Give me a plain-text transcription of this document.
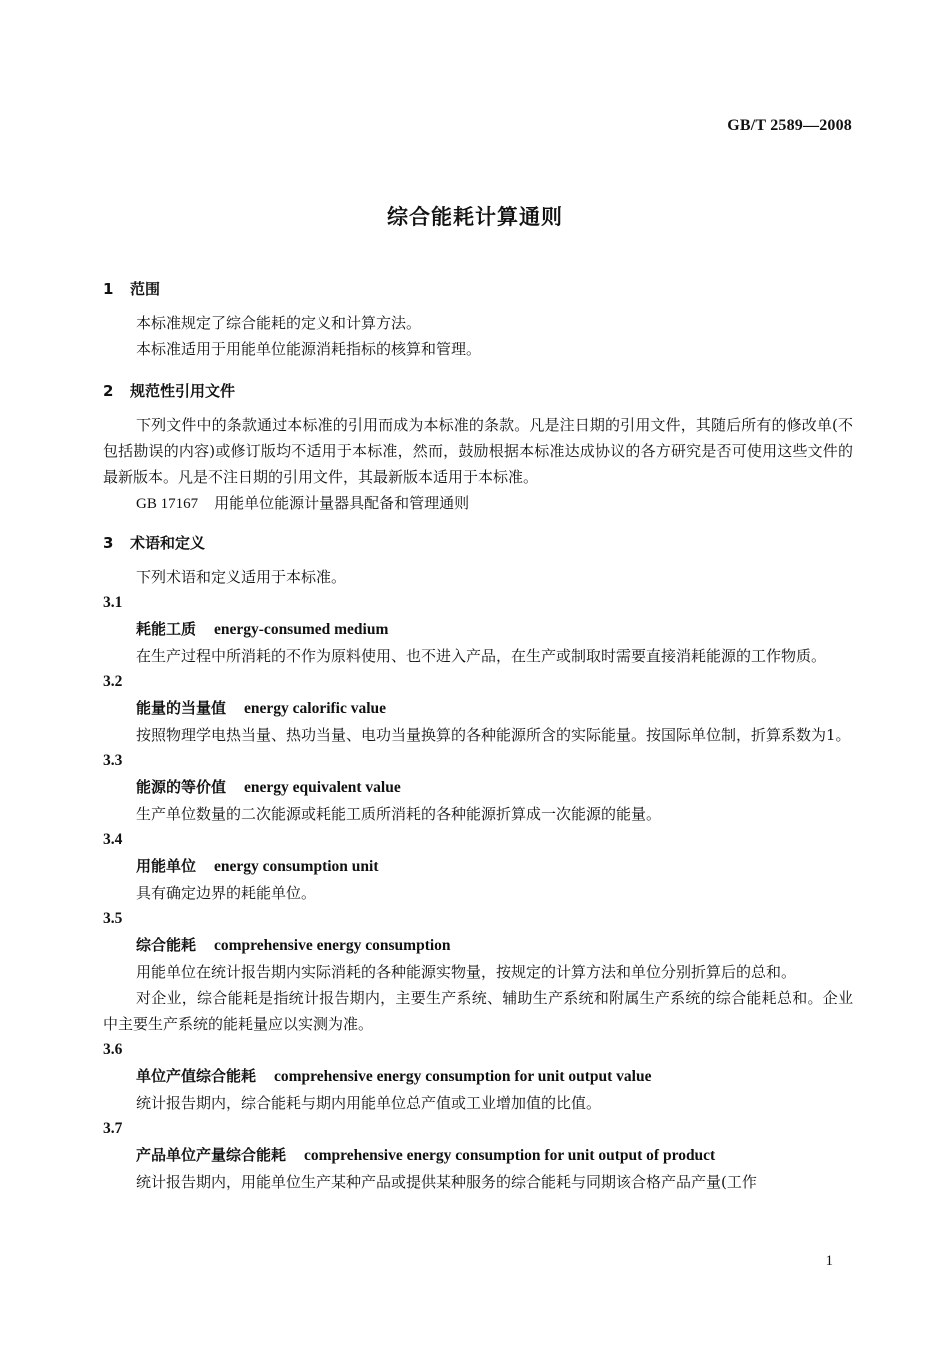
GB/T 2589—2008
综合能耗计算通则

1 范围

本标准规定了综合能耗的定义和计算方法。

本标准适用于用能单位能源消耗指标的核算和管理。

2 规范性引用文件

下列文件中的条款通过本标准的引用而成为本标准的条款。凡是注日期的引用文件，其随后所有的修改单(不包括勘误的内容)或修订版均不适用于本标准，然而，鼓励根据本标准达成协议的各方研究是否可使用这些文件的最新版本。凡是不注日期的引用文件，其最新版本适用于本标准。

GB 17167 用能单位能源计量器具配备和管理通则

3 术语和定义

下列术语和定义适用于本标准。

3.1

耗能工质 energy-consumed medium

在生产过程中所消耗的不作为原料使用、也不进入产品，在生产或制取时需要直接消耗能源的工作物质。

3.2

能量的当量值 energy calorific value

按照物理学电热当量、热功当量、电功当量换算的各种能源所含的实际能量。按国际单位制，折算系数为1。

3.3

能源的等价值 energy equivalent value

生产单位数量的二次能源或耗能工质所消耗的各种能源折算成一次能源的能量。

3.4

用能单位 energy consumption unit

具有确定边界的耗能单位。

3.5

综合能耗 comprehensive energy consumption

用能单位在统计报告期内实际消耗的各种能源实物量，按规定的计算方法和单位分别折算后的总和。

对企业，综合能耗是指统计报告期内，主要生产系统、辅助生产系统和附属生产系统的综合能耗总和。企业中主要生产系统的能耗量应以实测为准。

3.6

单位产值综合能耗 comprehensive energy consumption for unit output value

统计报告期内，综合能耗与期内用能单位总产值或工业增加值的比值。

3.7

产品单位产量综合能耗 comprehensive energy consumption for unit output of product

统计报告期内，用能单位生产某种产品或提供某种服务的综合能耗与同期该合格产品产量(工作

1
